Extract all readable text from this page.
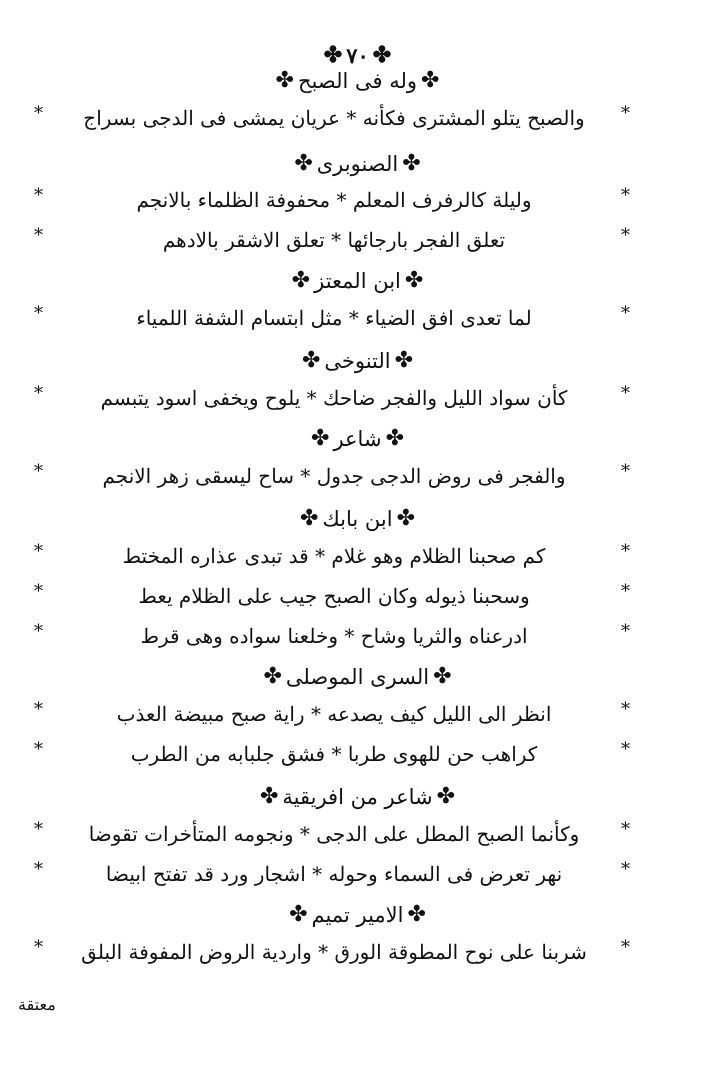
✤
٧٠
✤
✤
وله فى الصبح
✤
*
والصبح يتلو المشترى فكأنه * عريان يمشى فى الدجى بسراج
*
✤
الصنوبرى
✤
*
وليلة كالرفرف المعلم * محفوفة الظلماء بالانجم
*
*
تعلق الفجر بارجائها * تعلق الاشقر بالادهم
*
✤
ابن المعتز
✤
*
لما تعدى افق الضياء * مثل ابتسام الشفة اللمياء
*
✤
التنوخى
✤
*
كأن سواد الليل والفجر ضاحك * يلوح ويخفى اسود يتبسم
*
✤
شاعر
✤
*
والفجر فى روض الدجى جدول * ساح ليسقى زهر الانجم
*
✤
ابن بابك
✤
*
كم صحبنا الظلام وهو غلام * قد تبدى عذاره المختط
*
*
وسحبنا ذيوله وكان الصبح جيب على الظلام يعط
*
*
ادرعناه والثريا وشاح * وخلعنا سواده وهى قرط
*
✤
السرى الموصلى
✤
*
انظر الى الليل كيف يصدعه * راية صبح مبيضة العذب
*
*
كراهب حن للهوى طربا * فشق جلبابه من الطرب
*
✤
شاعر من افريقية
✤
*
وكأنما الصبح المطل على الدجى * ونجومه المتأخرات تقوضا
*
*
نهر تعرض فى السماء وحوله * اشجار ورد قد تفتح ابيضا
*
✤
الامير تميم
✤
*
شربنا على نوح المطوقة الورق * واردية الروض المفوفة البلق
*
معتقة
